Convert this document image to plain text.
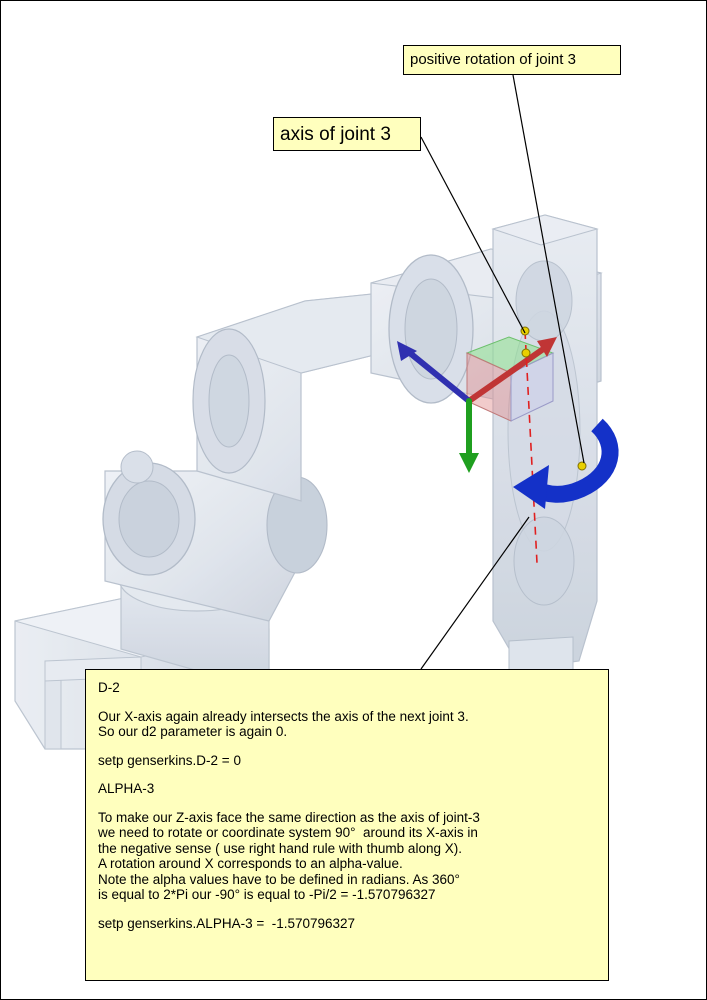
positive rotation of joint 3
axis of joint 3

D-2

Our X-axis again already intersects the axis of the next joint 3.

So our d2 parameter is again 0.

setp genserkins.D-2 = 0

ALPHA-3

To make our Z-axis face the same direction as the axis of joint-3

we need to rotate or coordinate system 90°  around its X-axis in

the negative sense ( use right hand rule with thumb along X).

A rotation around X corresponds to an alpha-value.

Note the alpha values have to be defined in radians. As 360°

is equal to 2*Pi our -90° is equal to -Pi/2 = -1.570796327

setp genserkins.ALPHA-3 =  -1.570796327
